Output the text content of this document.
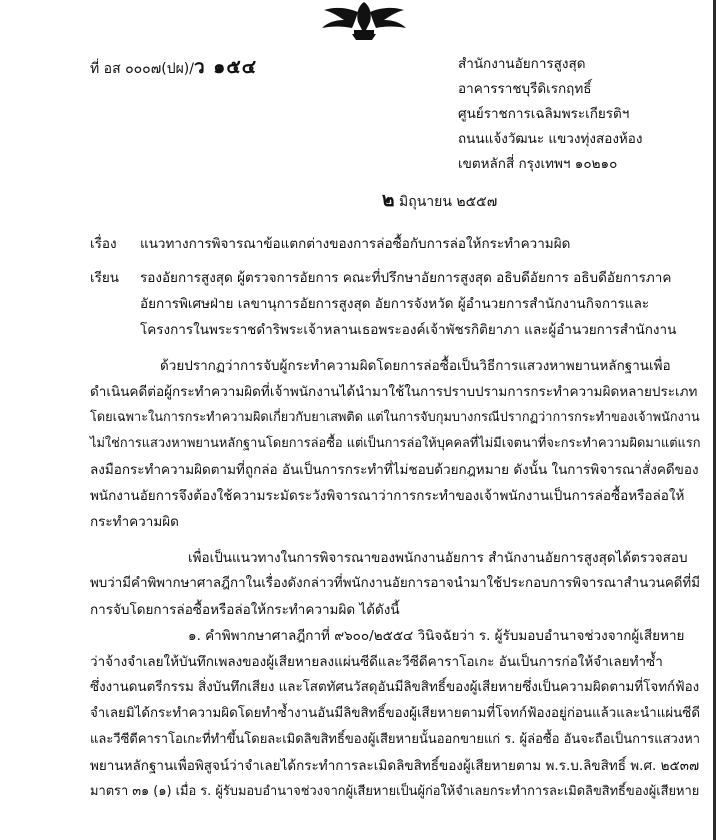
ที่ อส ๐๐๐๗(ปผ)/ว ๑๕๔	สำนักงานอัยการสูงสุด
อาคารราชบุรีดิเรกฤทธิ์
ศูนย์ราชการเฉลิมพระเกียรติฯ
ถนนแจ้งวัฒนะ แขวงทุ่งสองห้อง
เขตหลักสี่ กรุงเทพฯ ๑๐๒๑๐
๒ มิถุนายน ๒๕๕๗
เรื่อง แนวทางการพิจารณาข้อแตกต่างของการล่อซื้อกับการล่อให้กระทำความผิด
เรียน	รองอัยการสูงสุด ผู้ตรวจการอัยการ คณะที่ปรึกษาอัยการสูงสุด อธิบดีอัยการ อธิบดีอัยการภาค
อัยการพิเศษฝ่าย เลขานุการอัยการสูงสุด อัยการจังหวัด ผู้อำนวยการสำนักงานกิจการและ
โครงการในพระราชดำริพระเจ้าหลานเธอพระองค์เจ้าพัชรกิติยาภา และผู้อำนวยการสำนักงาน
ด้วยปรากฏว่าการจับผู้กระทำความผิดโดยการล่อซื้อเป็นวิธีการแสวงหาพยานหลักฐานเพื่อ
ดำเนินคดีต่อผู้กระทำความผิดที่เจ้าพนักงานได้นำมาใช้ในการปราบปรามการกระทำความผิดหลายประเภท
โดยเฉพาะในการกระทำความผิดเกี่ยวกับยาเสพติด แต่ในการจับกุมบางกรณีปรากฏว่าการกระทำของเจ้าพนักงาน
ไม่ใช่การแสวงหาพยานหลักฐานโดยการล่อซื้อ แต่เป็นการล่อให้บุคคลที่ไม่มีเจตนาที่จะกระทำความผิดมาแต่แรก
ลงมือกระทำความผิดตามที่ถูกล่อ อันเป็นการกระทำที่ไม่ชอบด้วยกฎหมาย ดังนั้น ในการพิจารณาสั่งคดีของ
พนักงานอัยการจึงต้องใช้ความระมัดระวังพิจารณาว่าการกระทำของเจ้าพนักงานเป็นการล่อซื้อหรือล่อให้
กระทำความผิด
เพื่อเป็นแนวทางในการพิจารณาของพนักงานอัยการ สำนักงานอัยการสูงสุดได้ตรวจสอบ
พบว่ามีคำพิพากษาศาลฎีกาในเรื่องดังกล่าวที่พนักงานอัยการอาจนำมาใช้ประกอบการพิจารณาสำนวนคดีที่มี
การจับโดยการล่อซื้อหรือล่อให้กระทำความผิด ได้ดังนี้
๑. คำพิพากษาศาลฎีกาที่ ๙๖๐๐/๒๕๕๔ วินิจฉัยว่า ร. ผู้รับมอบอำนาจช่วงจากผู้เสียหาย
ว่าจ้างจำเลยให้บันทึกเพลงของผู้เสียหายลงแผ่นซีดีและวีซีดีคาราโอเกะ อันเป็นการก่อให้จำเลยทำซ้ำ
ซึ่งงานดนตรีกรรม สิ่งบันทึกเสียง และโสตทัศนวัสดุอันมีลิขสิทธิ์ของผู้เสียหายซึ่งเป็นความผิดตามที่โจทก์ฟ้อง
จำเลยมิได้กระทำความผิดโดยทำซ้ำงานอันมีลิขสิทธิ์ของผู้เสียหายตามที่โจทก์ฟ้องอยู่ก่อนแล้วและนำแผ่นซีดี
และวีซีดีคาราโอเกะที่ทำขึ้นโดยละเมิดลิขสิทธิ์ของผู้เสียหายนั้นออกขายแก่ ร. ผู้ล่อซื้อ อันจะถือเป็นการแสวงหา
พยานหลักฐานเพื่อพิสูจน์ว่าจำเลยได้กระทำการละเมิดลิขสิทธิ์ของผู้เสียหายตาม พ.ร.บ.ลิขสิทธิ์ พ.ศ. ๒๕๓๗
มาตรา ๓๑ (๑) เมื่อ ร. ผู้รับมอบอำนาจช่วงจากผู้เสียหายเป็นผู้ก่อให้จำเลยกระทำการละเมิดลิขสิทธิ์ของผู้เสียหาย
